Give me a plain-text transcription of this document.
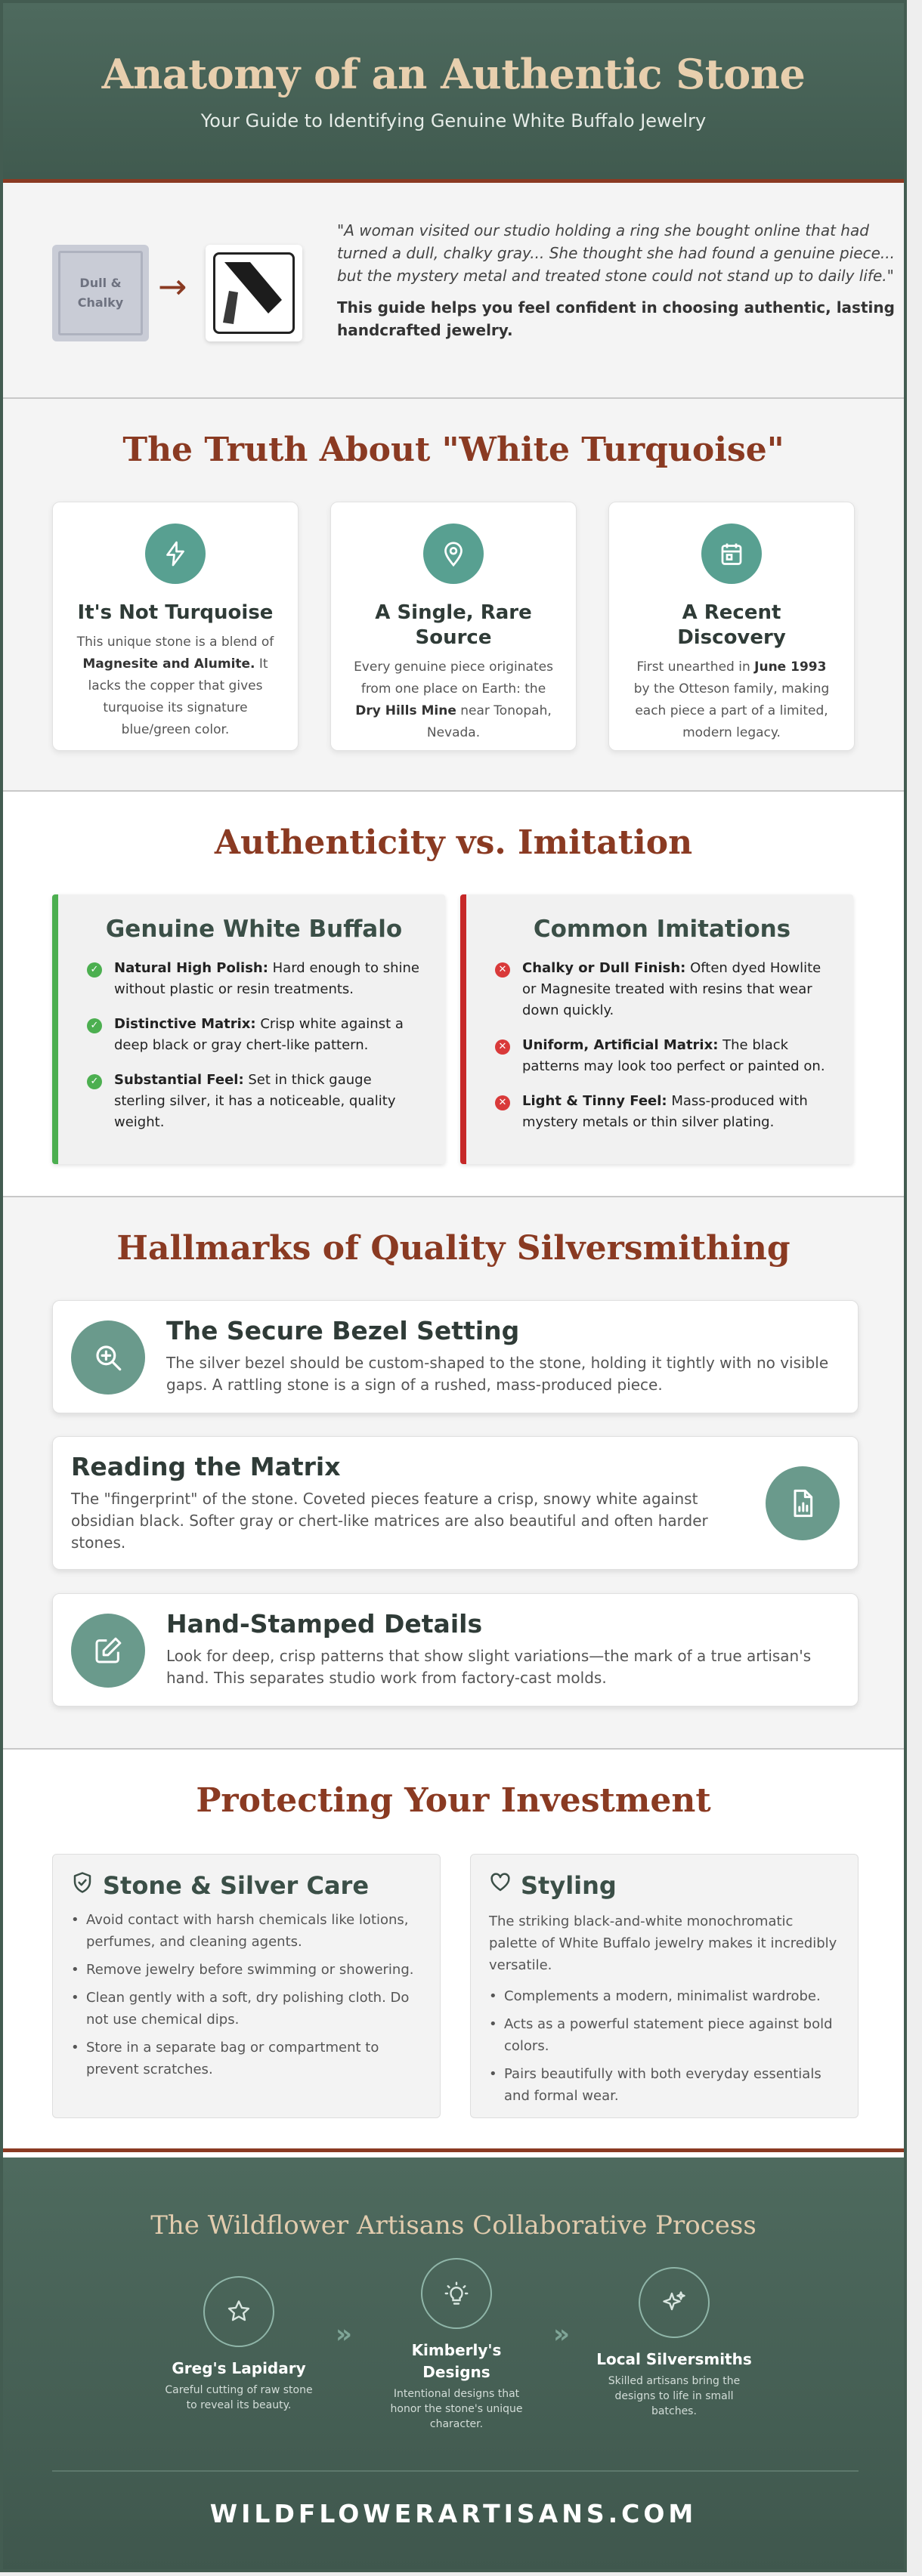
Anatomy of an Authentic Stone

Your Guide to Identifying Genuine White Buffalo Jewelry

Dull & Chalky →

"A woman visited our studio holding a ring she bought online that had turned a dull, chalky gray... She thought she had found a genuine piece... but the mystery metal and treated stone could not stand up to daily life."

This guide helps you feel confident in choosing authentic, lasting handcrafted jewelry.

The Truth About "White Turquoise"
It's Not Turquoise

This unique stone is a blend of Magnesite and Alumite. It lacks the copper that gives turquoise its signature blue/green color.

A Single, Rare Source

Every genuine piece originates from one place on Earth: the Dry Hills Mine near Tonopah, Nevada.

A Recent Discovery

First unearthed in June 1993 by the Otteson family, making each piece a part of a limited, modern legacy.

Authenticity vs. Imitation
Genuine White Buffalo
✓ Natural High Polish: Hard enough to shine without plastic or resin treatments.
✓ Distinctive Matrix: Crisp white against a deep black or gray chert-like pattern.
✓ Substantial Feel: Set in thick gauge sterling silver, it has a noticeable, quality weight.
Common Imitations
✕ Chalky or Dull Finish: Often dyed Howlite or Magnesite treated with resins that wear down quickly.
✕ Uniform, Artificial Matrix: The black patterns may look too perfect or painted on.
✕ Light & Tinny Feel: Mass-produced with mystery metals or thin silver plating.
Hallmarks of Quality Silversmithing
The Secure Bezel Setting

The silver bezel should be custom-shaped to the stone, holding it tightly with no visible gaps. A rattling stone is a sign of a rushed, mass-produced piece.

Reading the Matrix

The "fingerprint" of the stone. Coveted pieces feature a crisp, snowy white against obsidian black. Softer gray or chert-like matrices are also beautiful and often harder stones.

Hand-Stamped Details

Look for deep, crisp patterns that show slight variations—the mark of a true artisan's hand. This separates studio work from factory-cast molds.

Protecting Your Investment
Stone & Silver Care
• Avoid contact with harsh chemicals like lotions, perfumes, and cleaning agents.
• Remove jewelry before swimming or showering.
• Clean gently with a soft, dry polishing cloth. Do not use chemical dips.
• Store in a separate bag or compartment to prevent scratches.
Styling

The striking black-and-white monochromatic palette of White Buffalo jewelry makes it incredibly versatile.

• Complements a modern, minimalist wardrobe.
• Acts as a powerful statement piece against bold colors.
• Pairs beautifully with both everyday essentials and formal wear.
The Wildflower Artisans Collaborative Process
Greg's Lapidary
Careful cutting of raw stone to reveal its beauty.
»
Kimberly's Designs
Intentional designs that honor the stone's unique character.
»
Local Silversmiths
Skilled artisans bring the designs to life in small batches.
WILDFLOWERARTISANS.COM
